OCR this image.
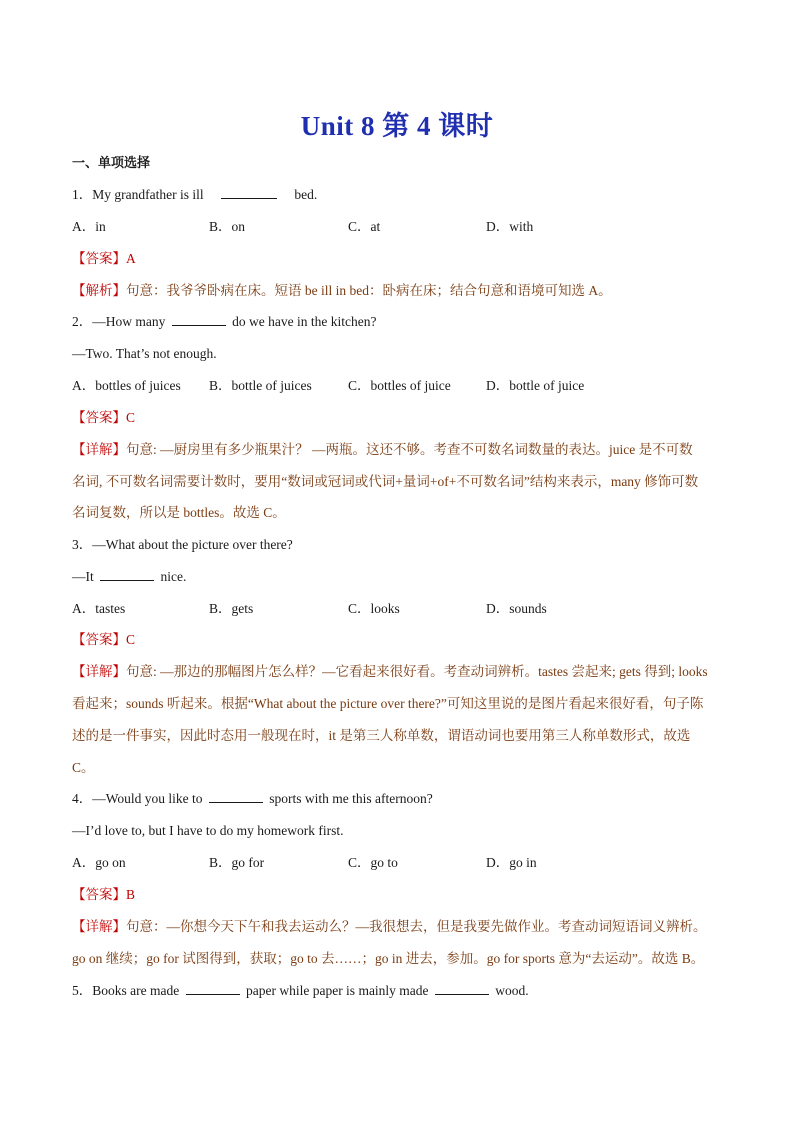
Unit 8 第 4 课时
一、单项选择
1．My grandfather is ill	bed.
A．in	B．on	C．at	D．with
【答案】A
【解析】句意：我爷爷卧病在床。短语 be ill in bed：卧病在床；结合句意和语境可知选 A。
2．—How many	do we have in the kitchen?
—Two. That’s not enough.
A．bottles of juices B．bottle of juices	C．bottles of juice	D．bottle of juice
【答案】C
【详解】句意: —厨房里有多少瓶果汁？ —两瓶。这还不够。考查不可数名词数量的表达。juice 是不可数
名词, 不可数名词需要计数时，要用“数词或冠词或代词+量词+of+不可数名词”结构来表示，many 修饰可数
名词复数，所以是 bottles。故选 C。
3．—What about the picture over there?
—It	nice.
A．tastes	B．gets	C．looks	D．sounds
【答案】C
【详解】句意: —那边的那幅图片怎么样？—它看起来很好看。考查动词辨析。tastes 尝起来; gets 得到; looks
看起来；sounds 听起来。根据“What about the picture over there?”可知这里说的是图片看起来很好看，句子陈
述的是一件事实，因此时态用一般现在时，it 是第三人称单数，谓语动词也要用第三人称单数形式，故选
C。
4．—Would you like to	sports with me this afternoon?
—I’d love to, but I have to do my homework first.
A．go on	B．go for	C．go to	D．go in
【答案】B
【详解】句意：—你想今天下午和我去运动么？—我很想去，但是我要先做作业。考查动词短语词义辨析。
go on 继续；go for 试图得到，获取；go to 去……；go in 进去，参加。go for sports 意为“去运动”。故选 B。
5．Books are made	paper while paper is mainly made	wood.
